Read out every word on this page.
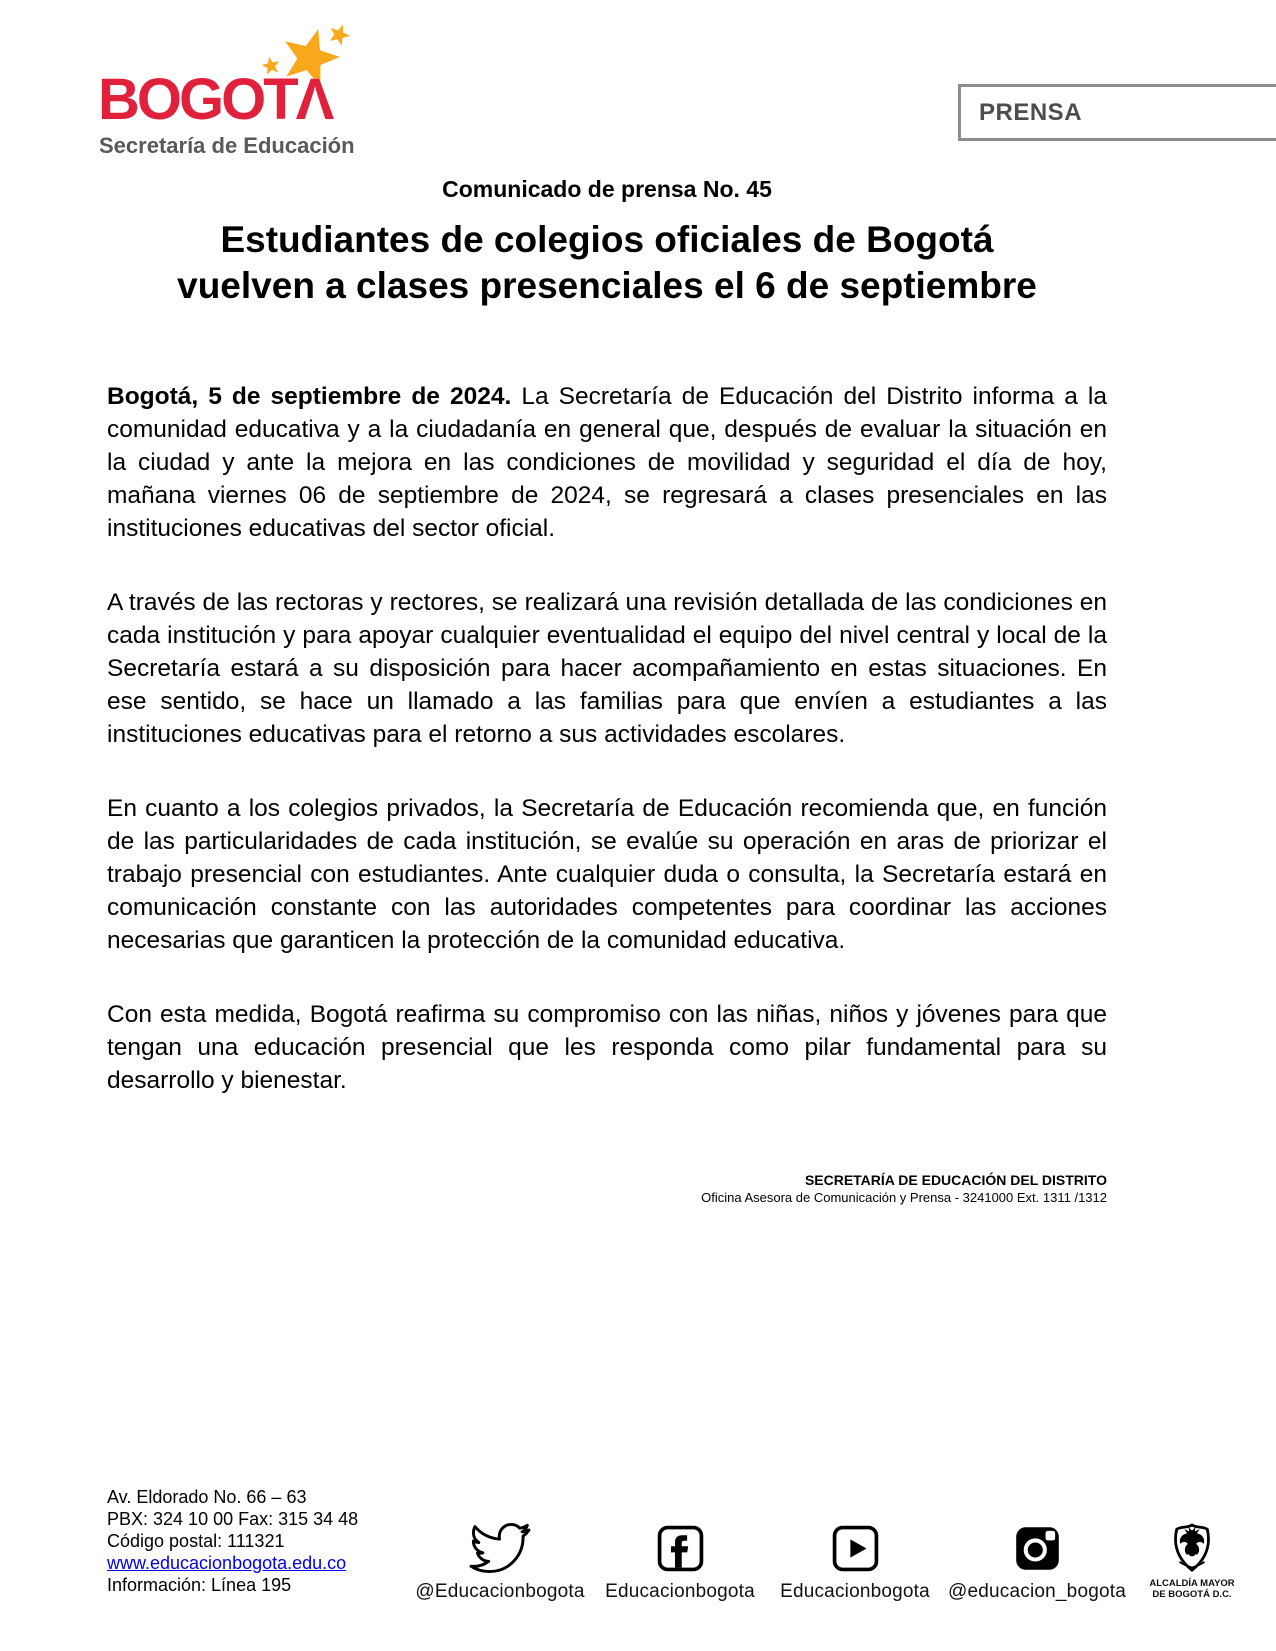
BOGOTΛ
Secretaría de Educación
PRENSA
Comunicado de prensa No. 45
Estudiantes de colegios oficiales de Bogotá
vuelven a clases presenciales el 6 de septiembre

Bogotá, 5 de septiembre de 2024. La Secretaría de Educación del Distrito informa a la comunidad educativa y a la ciudadanía en general que, después de evaluar la situación en la ciudad y ante la mejora en las condiciones de movilidad y seguridad el día de hoy, mañana viernes 06 de septiembre de 2024, se regresará a clases presenciales en las instituciones educativas del sector oficial.

A través de las rectoras y rectores, se realizará una revisión detallada de las condiciones en cada institución y para apoyar cualquier eventualidad el equipo del nivel central y local de la Secretaría estará a su disposición para hacer acompañamiento en estas situaciones. En ese sentido, se hace un llamado a las familias para que envíen a estudiantes a las instituciones educativas para el retorno a sus actividades escolares.

En cuanto a los colegios privados, la Secretaría de Educación recomienda que, en función de las particularidades de cada institución, se evalúe su operación en aras de priorizar el trabajo presencial con estudiantes. Ante cualquier duda o consulta, la Secretaría estará en comunicación constante con las autoridades competentes para coordinar las acciones necesarias que garanticen la protección de la comunidad educativa.

Con esta medida, Bogotá reafirma su compromiso con las niñas, niños y jóvenes para que tengan una educación presencial que les responda como pilar fundamental para su desarrollo y bienestar.

SECRETARÍA DE EDUCACIÓN DEL DISTRITO
Oficina Asesora de Comunicación y Prensa - 3241000 Ext. 1311 /1312
Av. Eldorado No. 66 – 63
PBX: 324 10 00 Fax: 315 34 48
Código postal: 111321
www.educacionbogota.edu.co
Información: Línea 195	@Educacionbogota	Educacionbogota	Educacionbogota @educacion_bogota	ALCALDÍA MAYOR
DE BOGOTÁ D.C.
